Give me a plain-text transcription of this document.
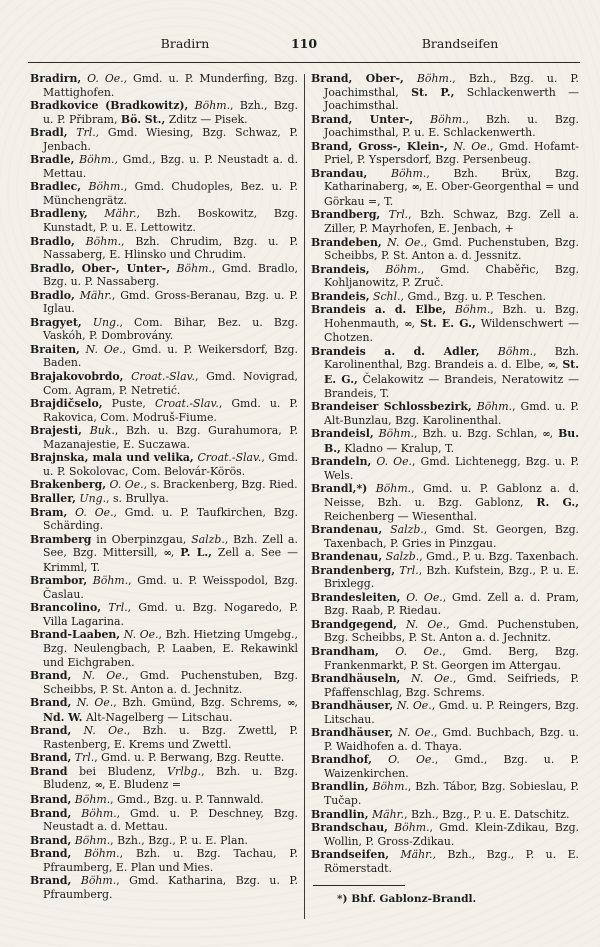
Bradirn	110	Brandseifen

Bradirn, O. Oe., Gmd. u. P. Munderfing, Bzg. Mattighofen.

Bradkovice (Bradkowitz), Böhm., Bzh., Bzg. u. P. Přibram, Bö. St., Zditz — Pisek.

Bradl, Trl., Gmd. Wiesing, Bzg. Schwaz, P. Jenbach.

Bradle, Böhm., Gmd., Bzg. u. P. Neustadt a. d. Mettau.

Bradlec, Böhm., Gmd. Chudoples, Bez. u. P. Münchengrätz.

Bradleny, Mähr., Bzh. Boskowitz, Bzg. Kunstadt, P. u. E. Lettowitz.

Bradlo, Böhm., Bzh. Chrudim, Bzg. u. P. Nassaberg, E. Hlinsko und Chrudim.

Bradlo, Ober-, Unter-, Böhm., Gmd. Bradlo, Bzg. u. P. Nassaberg.

Bradlo, Mähr., Gmd. Gross-Beranau, Bzg. u. P. Iglau.

Bragyet, Ung., Com. Bihar, Bez. u. Bzg. Vaskóh, P. Dombrovány.

Braiten, N. Oe., Gmd. u. P. Weikersdorf, Bzg. Baden.

Brajakovobrdo, Croat.-Slav., Gmd. Novigrad, Com. Agram, P. Netretić.

Brajdičselo, Puste, Croat.-Slav., Gmd. u. P. Rakovica, Com. Modruš-Fiume.

Brajesti, Buk., Bzh. u. Bzg. Gurahumora, P. Mazanajestie, E. Suczawa.

Brajnska, mala und velika, Croat.-Slav., Gmd. u. P. Sokolovac, Com. Belovár-Körös.

Brakenberg, O. Oe., s. Brackenberg, Bzg. Ried.

Braller, Ung., s. Brullya.

Bram, O. Oe., Gmd. u. P. Taufkirchen, Bzg. Schärding.

Bramberg in Oberpinzgau, Salzb., Bzh. Zell a. See, Bzg. Mittersill, ∞, P. L., Zell a. See — Krimml, T.

Brambor, Böhm., Gmd. u. P. Weisspodol, Bzg. Časlau.

Brancolino, Trl., Gmd. u. Bzg. Nogaredo, P. Villa Lagarina.

Brand-Laaben, N. Oe., Bzh. Hietzing Umgebg., Bzg. Neulengbach, P. Laaben, E. Rekawinkl und Eichgraben.

Brand, N. Oe., Gmd. Puchenstuben, Bzg. Scheibbs, P. St. Anton a. d. Jechnitz.

Brand, N. Oe., Bzh. Gmünd, Bzg. Schrems, ∞, Nd. W. Alt-Nagelberg — Litschau.

Brand, N. Oe., Bzh. u. Bzg. Zwettl, P. Rastenberg, E. Krems und Zwettl.

Brand, Trl., Gmd. u. P. Berwang, Bzg. Reutte.

Brand bei Bludenz, Vrlbg., Bzh. u. Bzg. Bludenz, ∞, E. Bludenz =

Brand, Böhm., Gmd., Bzg. u. P. Tannwald.

Brand, Böhm., Gmd. u. P. Deschney, Bzg. Neustadt a. d. Mettau.

Brand, Böhm., Bzh., Bzg., P. u. E. Plan.

Brand, Böhm., Bzh. u. Bzg. Tachau, P. Pfraumberg, E. Plan und Mies.

Brand, Böhm., Gmd. Katharina, Bzg. u. P. Pfraumberg.

Brand, Ober-, Böhm., Bzh., Bzg. u. P. Joachimsthal, St. P., Schlackenwerth — Joachimsthal.

Brand, Unter-, Böhm., Bzh. u. Bzg. Joachimsthal, P. u. E. Schlackenwerth.

Brand, Gross-, Klein-, N. Oe., Gmd. Hofamt-Priel, P. Yspersdorf, Bzg. Persenbeug.

Brandau, Böhm., Bzh. Brüx, Bzg. Katharinaberg, ∞, E. Ober-Georgenthal = und Görkau =, T.

Brandberg, Trl., Bzh. Schwaz, Bzg. Zell a. Ziller, P. Mayrhofen, E. Jenbach, +

Brandeben, N. Oe., Gmd. Puchenstuben, Bzg. Scheibbs, P. St. Anton a. d. Jessnitz.

Brandeis, Böhm., Gmd. Chaběřic, Bzg. Kohljanowitz, P. Zruč.

Brandeis, Schl., Gmd., Bzg. u. P. Teschen.

Brandeis a. d. Elbe, Böhm., Bzh. u. Bzg. Hohenmauth, ∞, St. E. G., Wildenschwert — Chotzen.

Brandeis a. d. Adler, Böhm., Bzh. Karolinenthal, Bzg. Brandeis a. d. Elbe, ∞, St. E. G., Čelakowitz — Brandeis, Neratowitz — Brandeis, T.

Brandeiser Schlossbezirk, Böhm., Gmd. u. P. Alt-Bunzlau, Bzg. Karolinenthal.

Brandeisl, Böhm., Bzh. u. Bzg. Schlan, ∞, Bu. B., Kladno — Kralup, T.

Brandeln, O. Oe., Gmd. Lichtenegg, Bzg. u. P. Wels.

Brandl,*) Böhm., Gmd. u. P. Gablonz a. d. Neisse, Bzh. u. Bzg. Gablonz, R. G., Reichenberg — Wiesenthal.

Brandenau, Salzb., Gmd. St. Georgen, Bzg. Taxenbach, P. Gries in Pinzgau.

Brandenau, Salzb., Gmd., P. u. Bzg. Taxenbach.

Brandenberg, Trl., Bzh. Kufstein, Bzg., P. u. E. Brixlegg.

Brandesleiten, O. Oe., Gmd. Zell a. d. Pram, Bzg. Raab, P. Riedau.

Brandgegend, N. Oe., Gmd. Puchenstuben, Bzg. Scheibbs, P. St. Anton a. d. Jechnitz.

Brandham, O. Oe., Gmd. Berg, Bzg. Frankenmarkt, P. St. Georgen im Attergau.

Brandhäuseln, N. Oe., Gmd. Seifrieds, P. Pfaffenschlag, Bzg. Schrems.

Brandhäuser, N. Oe., Gmd. u. P. Reingers, Bzg. Litschau.

Brandhäuser, N. Oe., Gmd. Buchbach, Bzg. u. P. Waidhofen a. d. Thaya.

Brandhof, O. Oe., Gmd., Bzg. u. P. Waizenkirchen.

Brandlin, Böhm., Bzh. Tábor, Bzg. Sobieslau, P. Tučap.

Brandlin, Mähr., Bzh., Bzg., P. u. E. Datschitz.

Brandschau, Böhm., Gmd. Klein-Zdikau, Bzg. Wollin, P. Gross-Zdikau.

Brandseifen, Mähr., Bzh., Bzg., P. u. E. Römerstadt.

*) Bhf. Gablonz-Brandl.
